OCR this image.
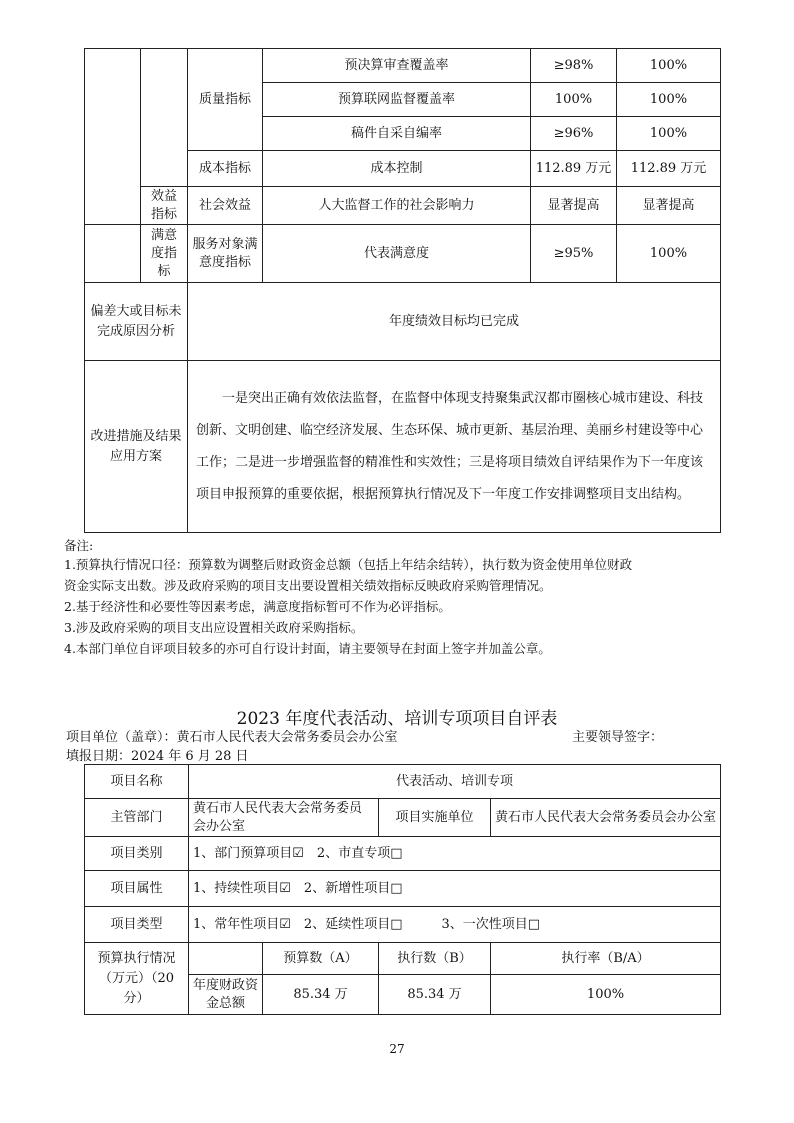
		质量指标	预决算审查覆盖率	≥98%	100%
			预算联网监督覆盖率	100%	100%
			稿件自采自编率	≥96%	100%
		成本指标	成本控制	112.89 万元	112.89 万元
	效益指标	社会效益	人大监督工作的社会影响力	显著提高	显著提高
	满意度指标	服务对象满意度指标	代表满意度	≥95%	100%
偏差大或目标未完成原因分析		年度绩效目标均已完成			
改进措施及结果应用方案		一是突出正确有效依法监督，在监督中体现支持聚集武汉都市圈核心城市建设、科技创新、文明创建、临空经济发展、生态环保、城市更新、基层治理、美丽乡村建设等中心工作；二是进一步增强监督的精准性和实效性；三是将项目绩效自评结果作为下一年度该项目申报预算的重要依据，根据预算执行情况及下一年度工作安排调整项目支出结构。			
备注:
1.预算执行情况口径：预算数为调整后财政资金总额（包括上年结余结转），执行数为资金使用单位财政
资金实际支出数。涉及政府采购的项目支出要设置相关绩效指标反映政府采购管理情况。
2.基于经济性和必要性等因素考虑，满意度指标暂可不作为必评指标。
3.涉及政府采购的项目支出应设置相关政府采购指标。
4.本部门单位自评项目较多的亦可自行设计封面，请主要领导在封面上签字并加盖公章。
2023 年度代表活动、培训专项项目自评表
项目单位（盖章）：黄石市人民代表大会常务委员会办公室	主要领导签字：
填报日期：2024 年 6 月 28 日
项目名称	代表活动、培训专项			
主管部门	黄石市人民代表大会常务委员会办公室		项目实施单位	黄石市人民代表大会常务委员会办公室
项目类别	1、部门预算项目☑　2、市直专项□			
项目属性	1、持续性项目☑　2、新增性项目□			
项目类型	1、常年性项目☑　2、延续性项目□　　　3、一次性项目□			
预算执行情况（万元）（20 分）		预算数（A）	执行数（B）	执行率（B/A）
	年度财政资金总额	85.34 万	85.34 万	100%
27
